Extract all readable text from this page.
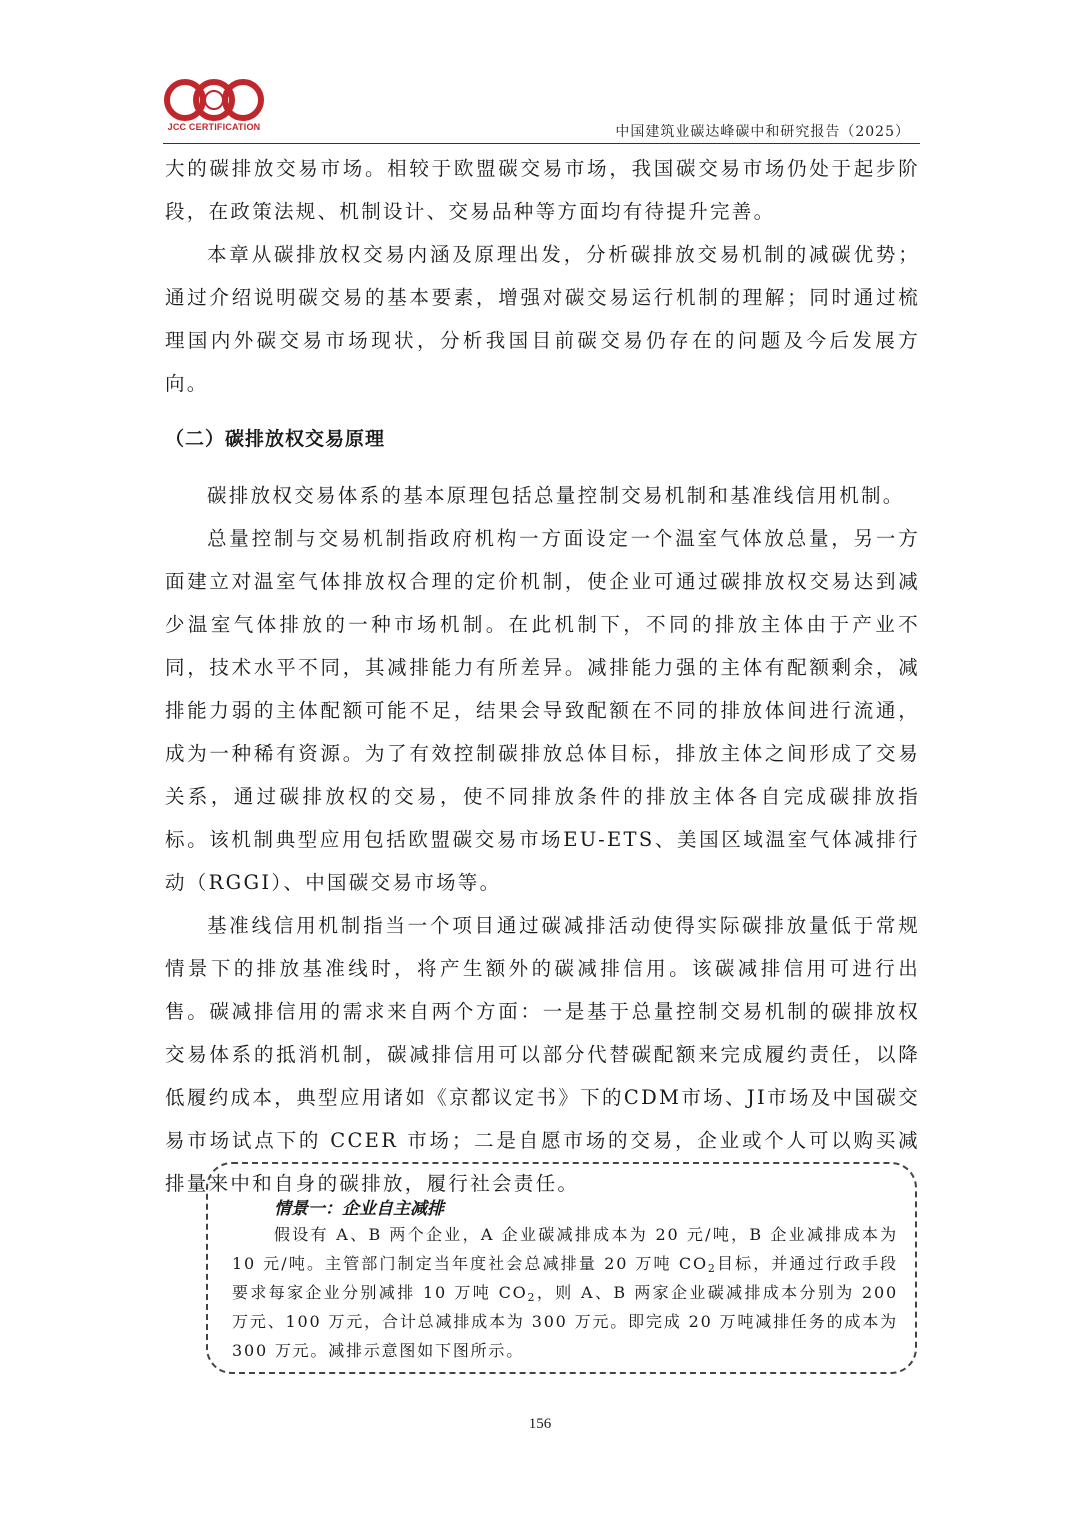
JCC CERTIFICATION	中国建筑业碳达峰碳中和研究报告（2025）

大的碳排放交易市场。相较于欧盟碳交易市场，我国碳交易市场仍处于起步阶段，在政策法规、机制设计、交易品种等方面均有待提升完善。

本章从碳排放权交易内涵及原理出发，分析碳排放交易机制的减碳优势；通过介绍说明碳交易的基本要素，增强对碳交易运行机制的理解；同时通过梳理国内外碳交易市场现状，分析我国目前碳交易仍存在的问题及今后发展方向。

（二）碳排放权交易原理

碳排放权交易体系的基本原理包括总量控制交易机制和基准线信用机制。

总量控制与交易机制指政府机构一方面设定一个温室气体放总量，另一方面建立对温室气体排放权合理的定价机制，使企业可通过碳排放权交易达到减少温室气体排放的一种市场机制。在此机制下，不同的排放主体由于产业不同，技术水平不同，其减排能力有所差异。减排能力强的主体有配额剩余，减排能力弱的主体配额可能不足，结果会导致配额在不同的排放体间进行流通，成为一种稀有资源。为了有效控制碳排放总体目标，排放主体之间形成了交易关系，通过碳排放权的交易，使不同排放条件的排放主体各自完成碳排放指标。该机制典型应用包括欧盟碳交易市场EU-ETS、美国区域温室气体减排行动（RGGI）、中国碳交易市场等。

基准线信用机制指当一个项目通过碳减排活动使得实际碳排放量低于常规情景下的排放基准线时，将产生额外的碳减排信用。该碳减排信用可进行出售。碳减排信用的需求来自两个方面：一是基于总量控制交易机制的碳排放权交易体系的抵消机制，碳减排信用可以部分代替碳配额来完成履约责任，以降低履约成本，典型应用诸如《京都议定书》下的CDM市场、JI市场及中国碳交易市场试点下的 CCER 市场；二是自愿市场的交易，企业或个人可以购买减排量来中和自身的碳排放，履行社会责任。

情景一：企业自主减排
假设有 A、B 两个企业，A 企业碳减排成本为 20 元/吨，B 企业减排成本为 10 元/吨。主管部门制定当年度社会总减排量 20 万吨 $CO_2$目标，并通过行政手段要求每家企业分别减排 10 万吨 $CO_2$，则 A、B 两家企业碳减排成本分别为 200 万元、100 万元，合计总减排成本为 300 万元。即完成 20 万吨减排任务的成本为 300 万元。减排示意图如下图所示。
156
